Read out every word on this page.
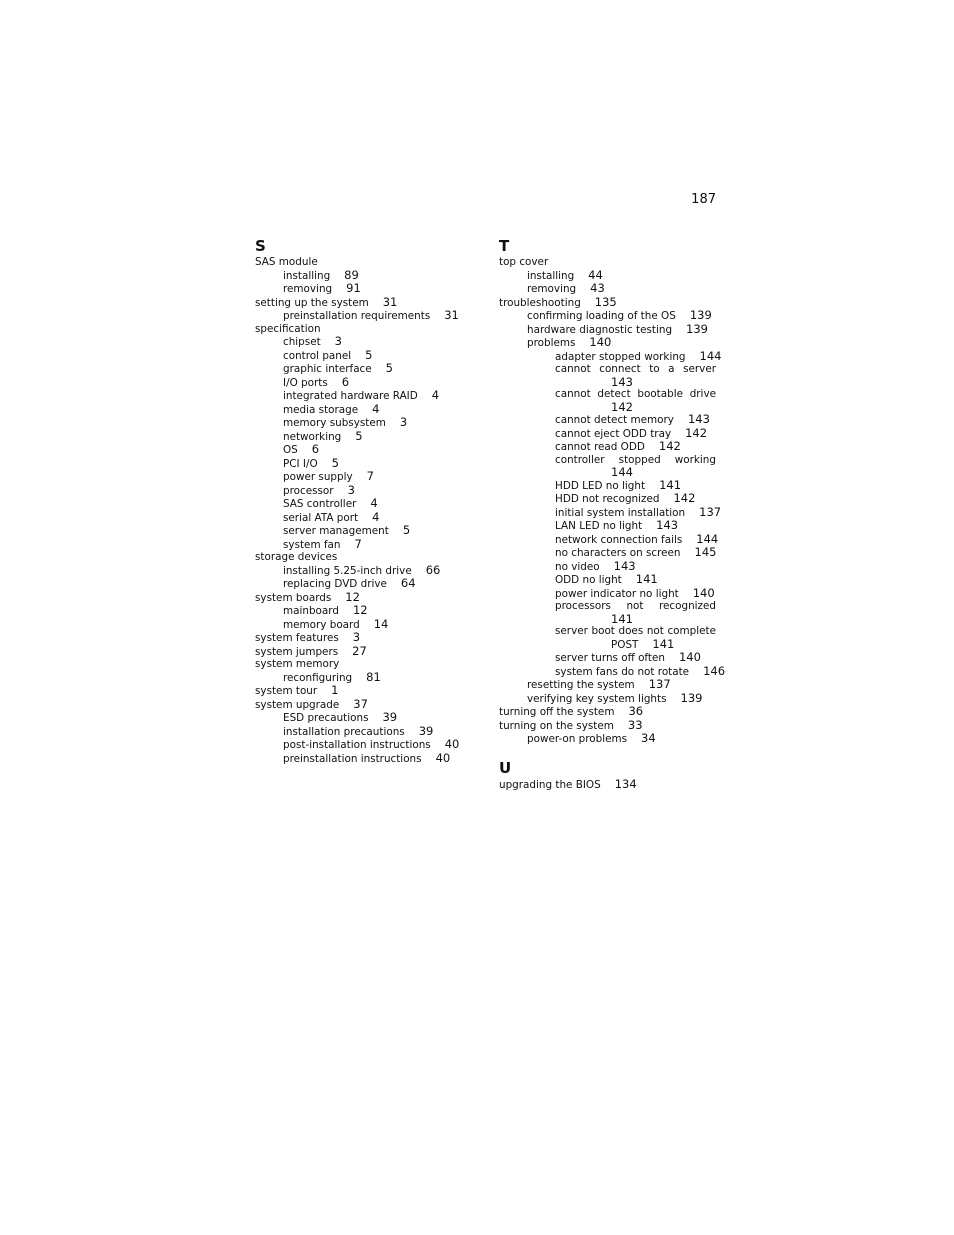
187
S
SAS module
installing 89
removing 91
setting up the system 31
preinstallation requirements 31
specification
chipset 3
control panel 5
graphic interface 5
I/O ports 6
integrated hardware RAID 4
media storage 4
memory subsystem 3
networking 5
OS 6
PCI I/O 5
power supply 7
processor 3
SAS controller 4
serial ATA port 4
server management 5
system fan 7
storage devices
installing 5.25-inch drive 66
replacing DVD drive 64
system boards 12
mainboard 12
memory board 14
system features 3
system jumpers 27
system memory
reconfiguring 81
system tour 1
system upgrade 37
ESD precautions 39
installation precautions 39
post-installation instructions 40
preinstallation instructions 40
T
top cover
installing 44
removing 43
troubleshooting 135
confirming loading of the OS 139
hardware diagnostic testing 139
problems 140
adapter stopped working 144
cannot connect to a server
143
cannot detect bootable drive
142
cannot detect memory 143
cannot eject ODD tray 142
cannot read ODD 142
controller stopped working
144
HDD LED no light 141
HDD not recognized 142
initial system installation 137
LAN LED no light 143
network connection fails 144
no characters on screen 145
no video 143
ODD no light 141
power indicator no light 140
processors not recognized
141
server boot does not complete
POST 141
server turns off often 140
system fans do not rotate 146
resetting the system 137
verifying key system lights 139
turning off the system 36
turning on the system 33
power-on problems 34
U
upgrading the BIOS 134
